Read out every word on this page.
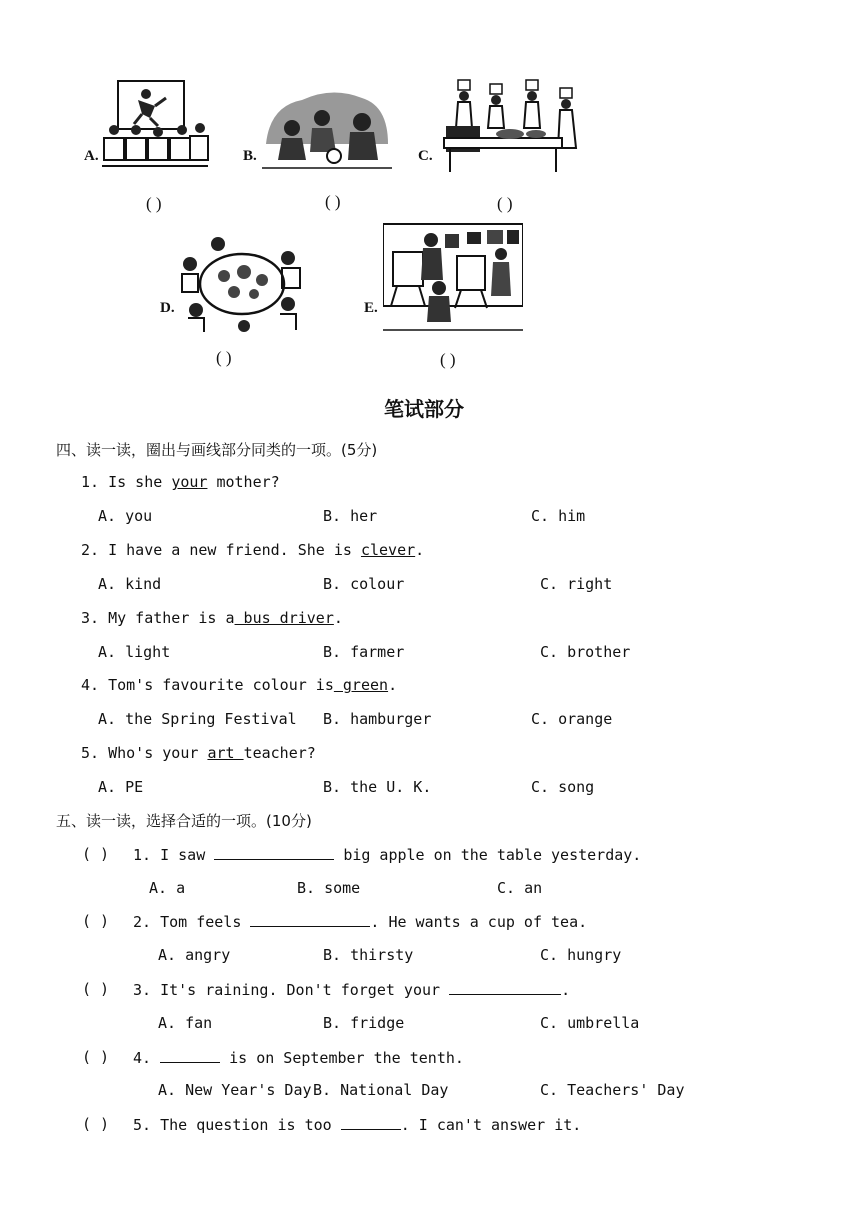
A.
( )
B.
( )
C.
( )
D.
( )
E.
( )
笔试部分
四、读一读，圈出与画线部分同类的一项。(5分)
1. Is she your mother?
A. you	B. her	C. him
2. I have a new friend. She is clever.
A. kind	B. colour	C. right
3. My father is a bus driver.
A. light	B. farmer	C. brother
4. Tom's favourite colour is green.
A. the Spring Festival B. hamburger	C. orange
5. Who's your art teacher?
A. PE	B. the U. K.	C. song
五、读一读，选择合适的一项。(10分)
( ) 1. I saw	big apple on the table yesterday.
A. a	B. some	C. an
( ) 2. Tom feels	. He wants a cup of tea.
A. angry	B. thirsty	C. hungry
( ) 3. It's raining. Don't forget your	.
A. fan	B. fridge	C. umbrella
( ) 4.	is on September the tenth.
A. New Year's Day B. National Day	C. Teachers' Day
( ) 5. The question is too	. I can't answer it.
